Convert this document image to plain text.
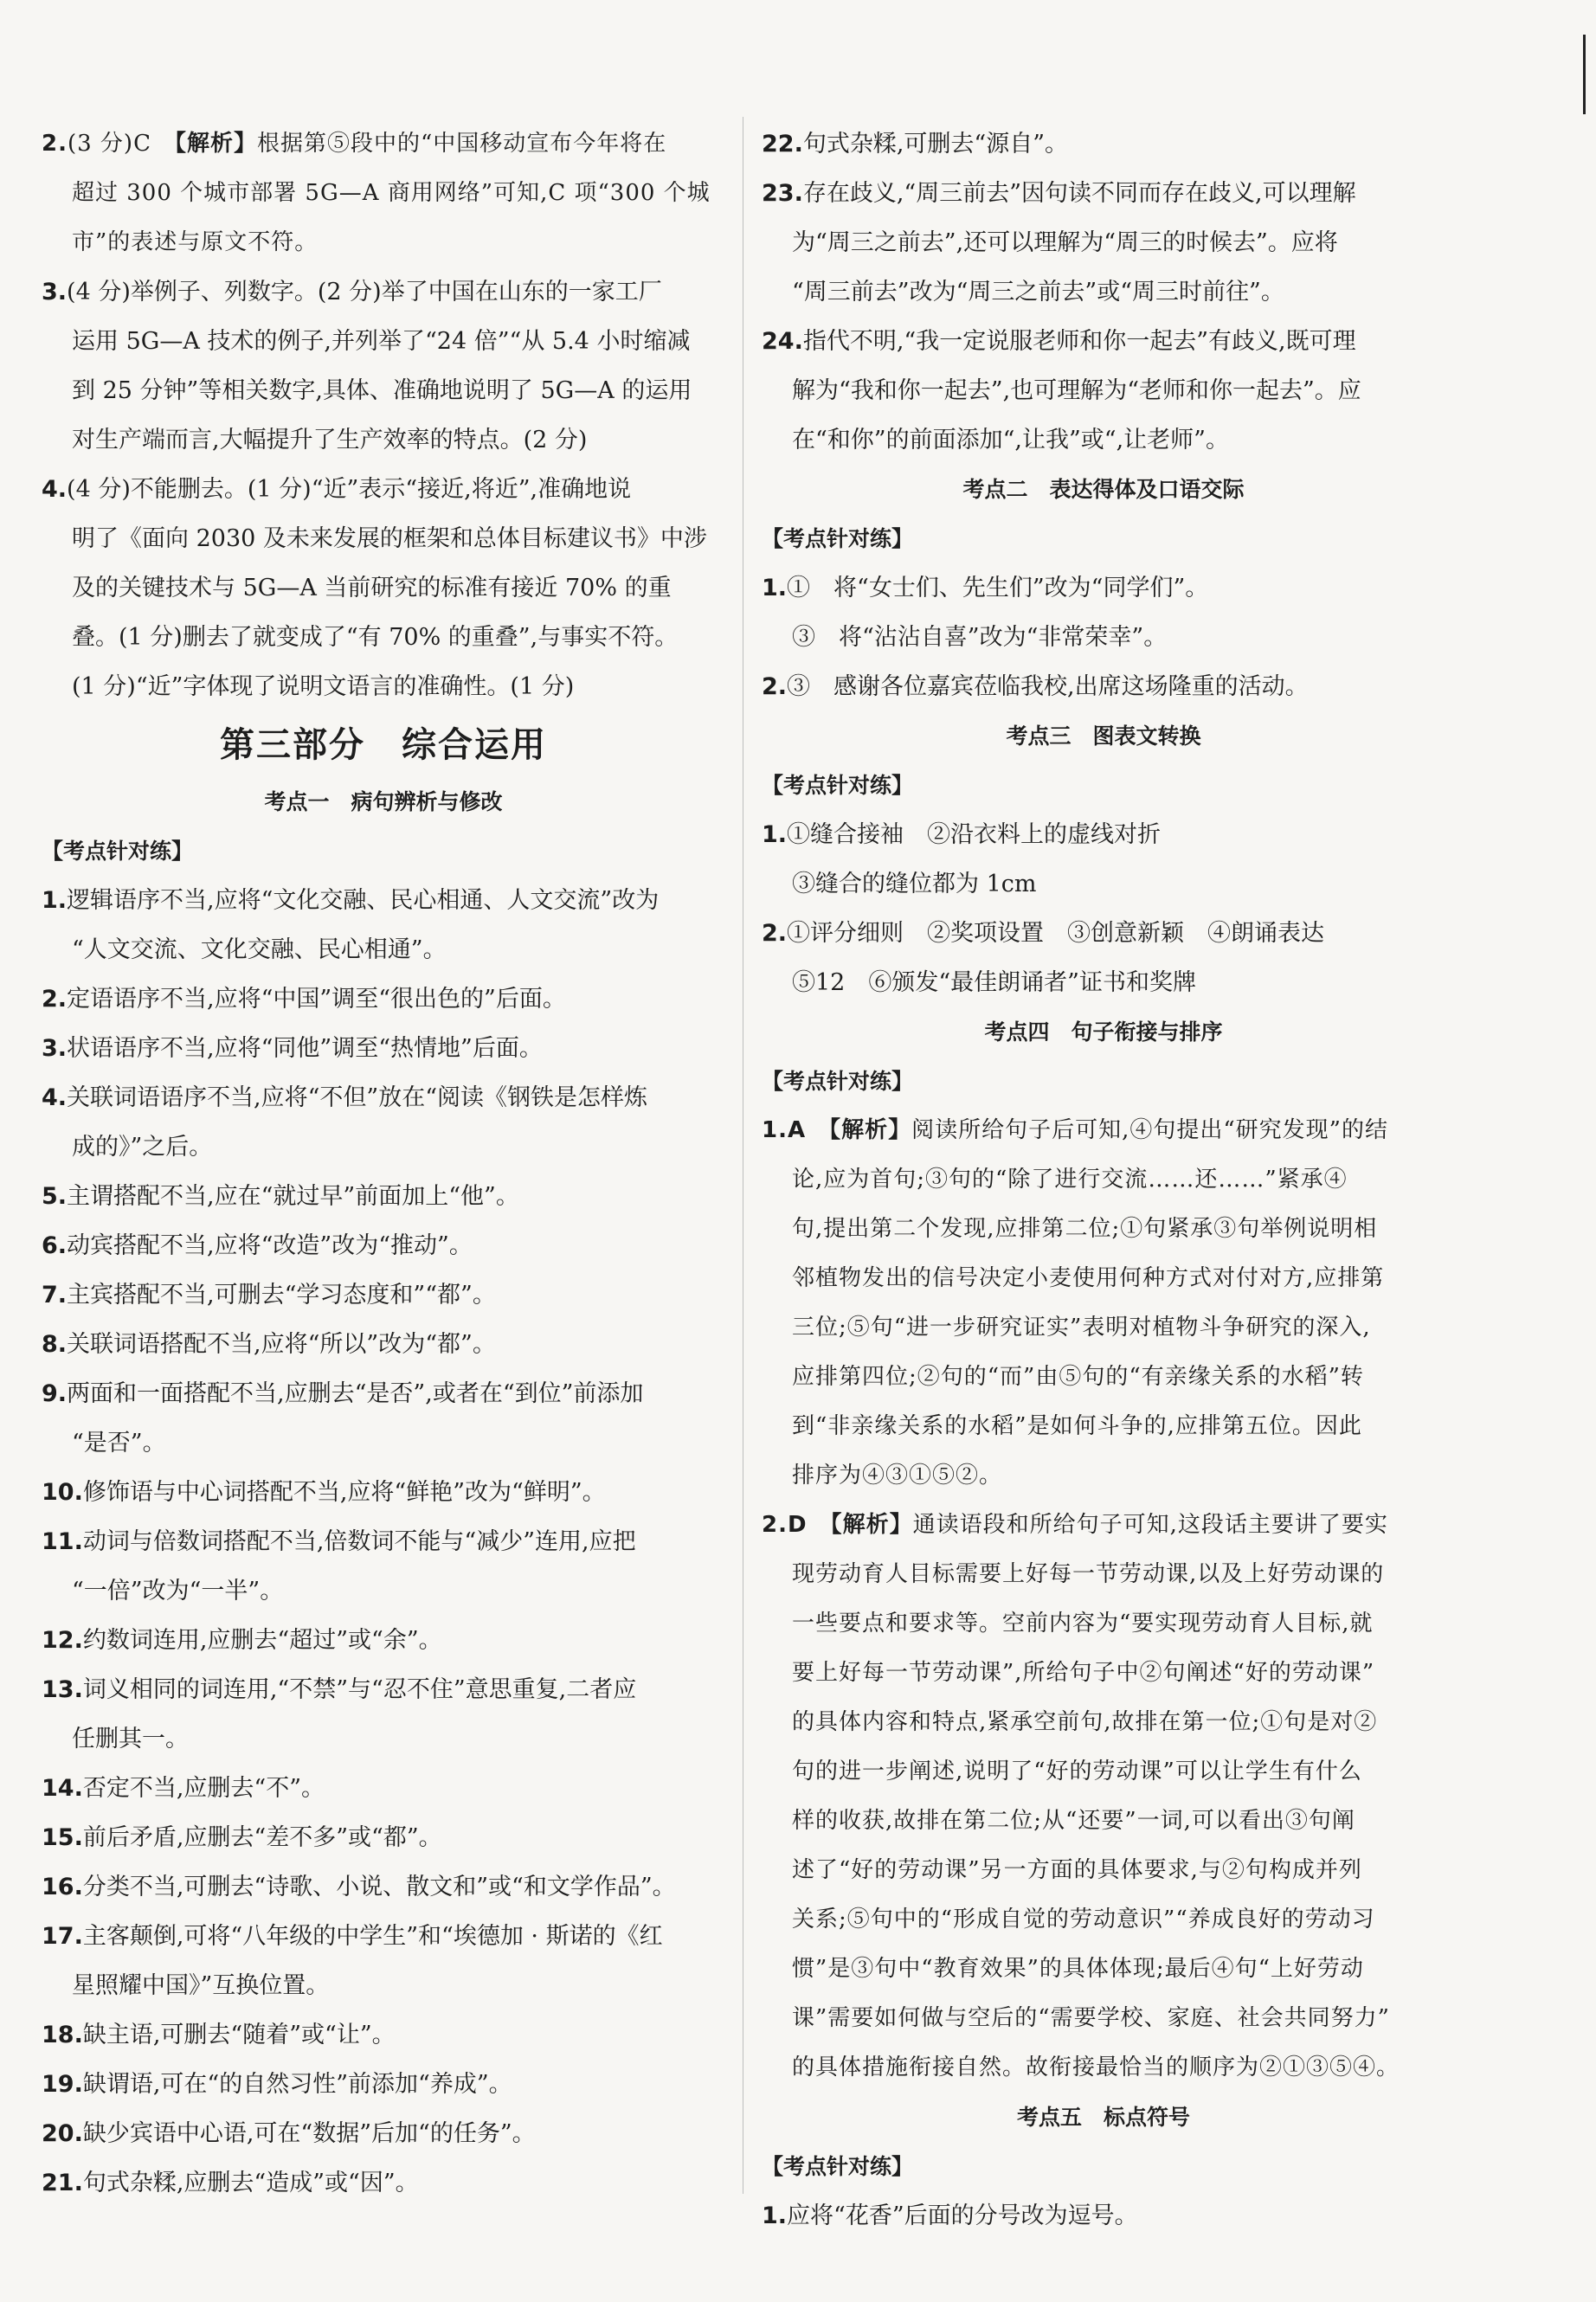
2.(3 分)C　 【解析】根据第⑤段中的“中国移动宣布今年将在

超过 300 个城市部署 5G—A 商用网络”可知,C 项“300 个城

市”的表述与原文不符。

3.(4 分)举例子、列数字。(2 分)举了中国在山东的一家工厂

运用 5G—A 技术的例子,并列举了“24 倍”“从 5.4 小时缩减

到 25 分钟”等相关数字,具体、准确地说明了 5G—A 的运用

对生产端而言,大幅提升了生产效率的特点。(2 分)

4.(4 分)不能删去。(1 分)“近”表示“接近,将近”,准确地说

明了《面向 2030 及未来发展的框架和总体目标建议书》中涉

及的关键技术与 5G—A 当前研究的标准有接近 70% 的重

叠。(1 分)删去了就变成了“有 70% 的重叠”,与事实不符。

(1 分)“近”字体现了说明文语言的准确性。(1 分)

第三部分　综合运用
考点一　病句辨析与修改
【考点针对练】

1.逻辑语序不当,应将“文化交融、民心相通、人文交流”改为

“人文交流、文化交融、民心相通”。

2.定语语序不当,应将“中国”调至“很出色的”后面。

3.状语语序不当,应将“同他”调至“热情地”后面。

4.关联词语语序不当,应将“不但”放在“阅读《钢铁是怎样炼

成的》”之后。

5.主谓搭配不当,应在“就过早”前面加上“他”。

6.动宾搭配不当,应将“改造”改为“推动”。

7.主宾搭配不当,可删去“学习态度和”“都”。

8.关联词语搭配不当,应将“所以”改为“都”。

9.两面和一面搭配不当,应删去“是否”,或者在“到位”前添加

“是否”。

10.修饰语与中心词搭配不当,应将“鲜艳”改为“鲜明”。

11.动词与倍数词搭配不当,倍数词不能与“减少”连用,应把

“一倍”改为“一半”。

12.约数词连用,应删去“超过”或“余”。

13.词义相同的词连用,“不禁”与“忍不住”意思重复,二者应

任删其一。

14.否定不当,应删去“不”。

15.前后矛盾,应删去“差不多”或“都”。

16.分类不当,可删去“诗歌、小说、散文和”或“和文学作品”。

17.主客颠倒,可将“八年级的中学生”和“埃德加 · 斯诺的《红

星照耀中国》”互换位置。

18.缺主语,可删去“随着”或“让”。

19.缺谓语,可在“的自然习性”前添加“养成”。

20.缺少宾语中心语,可在“数据”后加“的任务”。

21.句式杂糅,应删去“造成”或“因”。

22.句式杂糅,可删去“源自”。

23.存在歧义,“周三前去”因句读不同而存在歧义,可以理解

为“周三之前去”,还可以理解为“周三的时候去”。应将

“周三前去”改为“周三之前去”或“周三时前往”。

24.指代不明,“我一定说服老师和你一起去”有歧义,既可理

解为“我和你一起去”,也可理解为“老师和你一起去”。应

在“和你”的前面添加“,让我”或“,让老师”。

考点二　表达得体及口语交际
【考点针对练】

1.①　将“女士们、先生们”改为“同学们”。

③　将“沾沾自喜”改为“非常荣幸”。

2.③　感谢各位嘉宾莅临我校,出席这场隆重的活动。

考点三　图表文转换
【考点针对练】

1.①缝合接袖　②沿衣料上的虚线对折

③缝合的缝位都为 1cm

2.①评分细则　②奖项设置　③创意新颖　④朗诵表达

⑤12　⑥颁发“最佳朗诵者”证书和奖牌

考点四　句子衔接与排序
【考点针对练】

1.A　 【解析】阅读所给句子后可知,④句提出“研究发现”的结

论,应为首句;③句的“除了进行交流……还……”紧承④

句,提出第二个发现,应排第二位;①句紧承③句举例说明相

邻植物发出的信号决定小麦使用何种方式对付对方,应排第

三位;⑤句“进一步研究证实”表明对植物斗争研究的深入,

应排第四位;②句的“而”由⑤句的“有亲缘关系的水稻”转

到“非亲缘关系的水稻”是如何斗争的,应排第五位。因此

排序为④③①⑤②。

2.D　 【解析】通读语段和所给句子可知,这段话主要讲了要实

现劳动育人目标需要上好每一节劳动课,以及上好劳动课的

一些要点和要求等。空前内容为“要实现劳动育人目标,就

要上好每一节劳动课”,所给句子中②句阐述“好的劳动课”

的具体内容和特点,紧承空前句,故排在第一位;①句是对②

句的进一步阐述,说明了“好的劳动课”可以让学生有什么

样的收获,故排在第二位;从“还要”一词,可以看出③句阐

述了“好的劳动课”另一方面的具体要求,与②句构成并列

关系;⑤句中的“形成自觉的劳动意识”“养成良好的劳动习

惯”是③句中“教育效果”的具体体现;最后④句“上好劳动

课”需要如何做与空后的“需要学校、家庭、社会共同努力”

的具体措施衔接自然。故衔接最恰当的顺序为②①③⑤④。

考点五　标点符号
【考点针对练】

1.应将“花香”后面的分号改为逗号。
